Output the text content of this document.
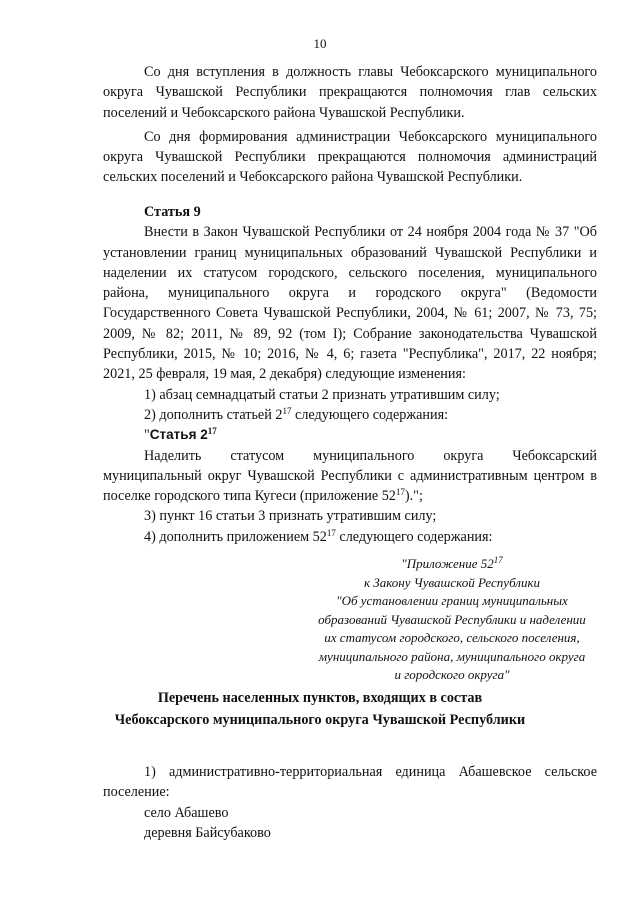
10

Со дня вступления в должность главы Чебоксарского муниципального округа Чувашской Республики прекращаются полномочия глав сельских поселений и Чебоксарского района Чувашской Республики.

Со дня формирования администрации Чебоксарского муниципального округа Чувашской Республики прекращаются полномочия администраций сельских поселений и Чебоксарского района Чувашской Республики.

Статья 9

Внести в Закон Чувашской Республики от 24 ноября 2004 года № 37 "Об установлении границ муниципальных образований Чувашской Республики и наделении их статусом городского, сельского поселения, муниципального района, муниципального округа и городского округа" (Ведомости Государственного Совета Чувашской Республики, 2004, № 61; 2007, № 73, 75; 2009, № 82; 2011, № 89, 92 (том I); Собрание законодательства Чувашской Республики, 2015, № 10; 2016, № 4, 6; газета "Республика", 2017, 22 ноября; 2021, 25 февраля, 19 мая, 2 декабря) следующие изменения:

1) абзац семнадцатый статьи 2 признать утратившим силу;

2) дополнить статьей $2^{17}$ следующего содержания:

"Статья $2^{17}$

Наделить статусом муниципального округа Чебоксарский муниципальный округ Чувашской Республики с административным центром в поселке городского типа Кугеси (приложение $52^{17}$).";

3) пункт 16 статьи 3 признать утратившим силу;

4) дополнить приложением $52^{17}$ следующего содержания:

"Приложение $52^{17}$
к Закону Чувашской Республики
"Об установлении границ муниципальных
образований Чувашской Республики и наделении
их статусом городского, сельского поселения,
муниципального района, муниципального округа
и городского округа"
Перечень населенных пунктов, входящих в состав
Чебоксарского муниципального округа Чувашской Республики

1) административно-территориальная единица Абашевское сельское поселение:

село Абашево

деревня Байсубаково
